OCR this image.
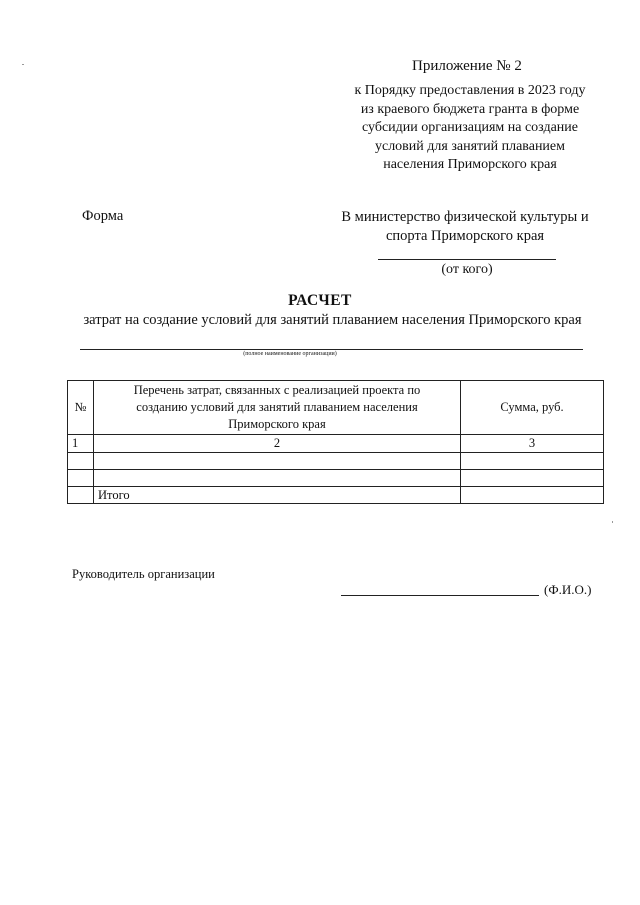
Приложение № 2
к Порядку предоставления в 2023 году
из краевого бюджета гранта в форме
субсидии организациям на создание
условий для занятий плаванием
населения Приморского края
Форма	В министерство физической культуры и
спорта Приморского края
(от кого)
РАСЧЕТ
затрат на создание условий для занятий плаванием населения Приморского края
(полное наименование организации)
№	Перечень затрат, связанных с реализацией проекта по
созданию условий для занятий плаванием населения
Приморского края	Сумма, руб.
1	2	3

	Итого	
Руководитель организации
(Ф.И.О.)
